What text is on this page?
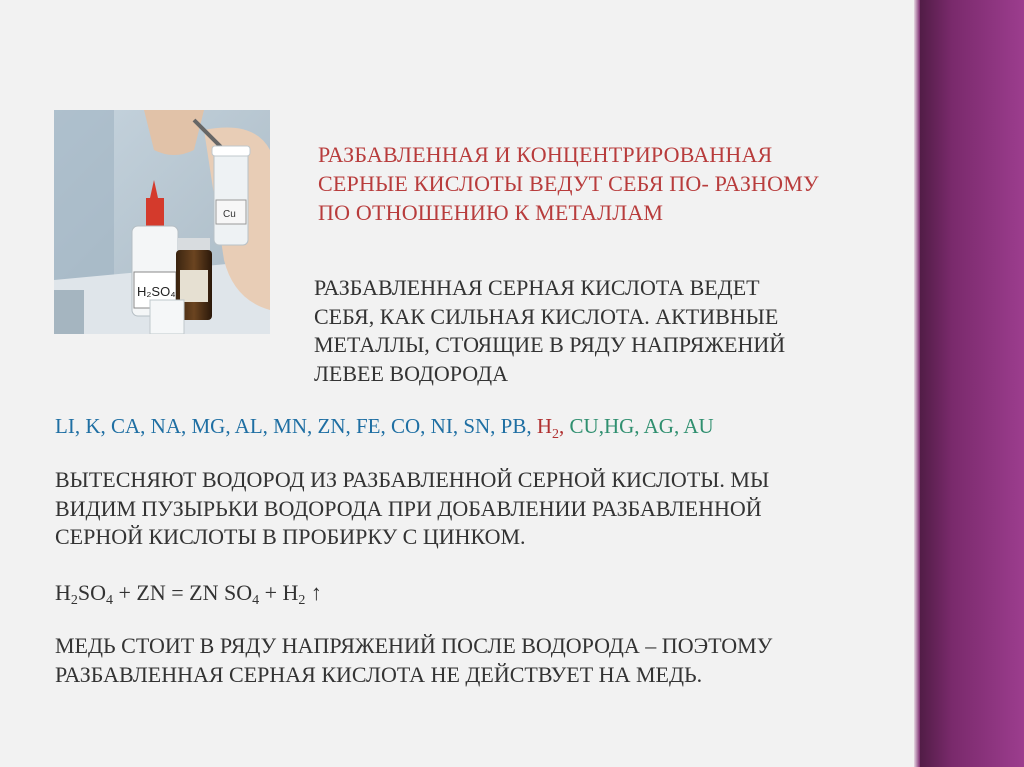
Cu
H₂SO₄
РАЗБАВЛЕННАЯ И КОНЦЕНТРИРОВАННАЯ
СЕРНЫЕ КИСЛОТЫ ВЕДУТ СЕБЯ ПО- РАЗНОМУ
ПО ОТНОШЕНИЮ К МЕТАЛЛАМ
РАЗБАВЛЕННАЯ СЕРНАЯ КИСЛОТА ВЕДЕТ
СЕБЯ, КАК СИЛЬНАЯ КИСЛОТА. АКТИВНЫЕ
МЕТАЛЛЫ, СТОЯЩИЕ В РЯДУ НАПРЯЖЕНИЙ
ЛЕВЕЕ ВОДОРОДА
LI, K, CA, NA, MG, AL, MN, ZN, FE, CO, NI, SN, PB, $H_2$, CU,HG, AG, AU
ВЫТЕСНЯЮТ ВОДОРОД ИЗ РАЗБАВЛЕННОЙ СЕРНОЙ КИСЛОТЫ. МЫ
ВИДИМ ПУЗЫРЬКИ ВОДОРОДА ПРИ ДОБАВЛЕНИИ РАЗБАВЛЕННОЙ
СЕРНОЙ КИСЛОТЫ В ПРОБИРКУ С ЦИНКОМ.
$H_2SO_4$ + ZN = ZN $SO_4 + H_2$ ↑
МЕДЬ СТОИТ В РЯДУ НАПРЯЖЕНИЙ ПОСЛЕ ВОДОРОДА – ПОЭТОМУ
РАЗБАВЛЕННАЯ СЕРНАЯ КИСЛОТА НЕ ДЕЙСТВУЕТ НА МЕДЬ.
